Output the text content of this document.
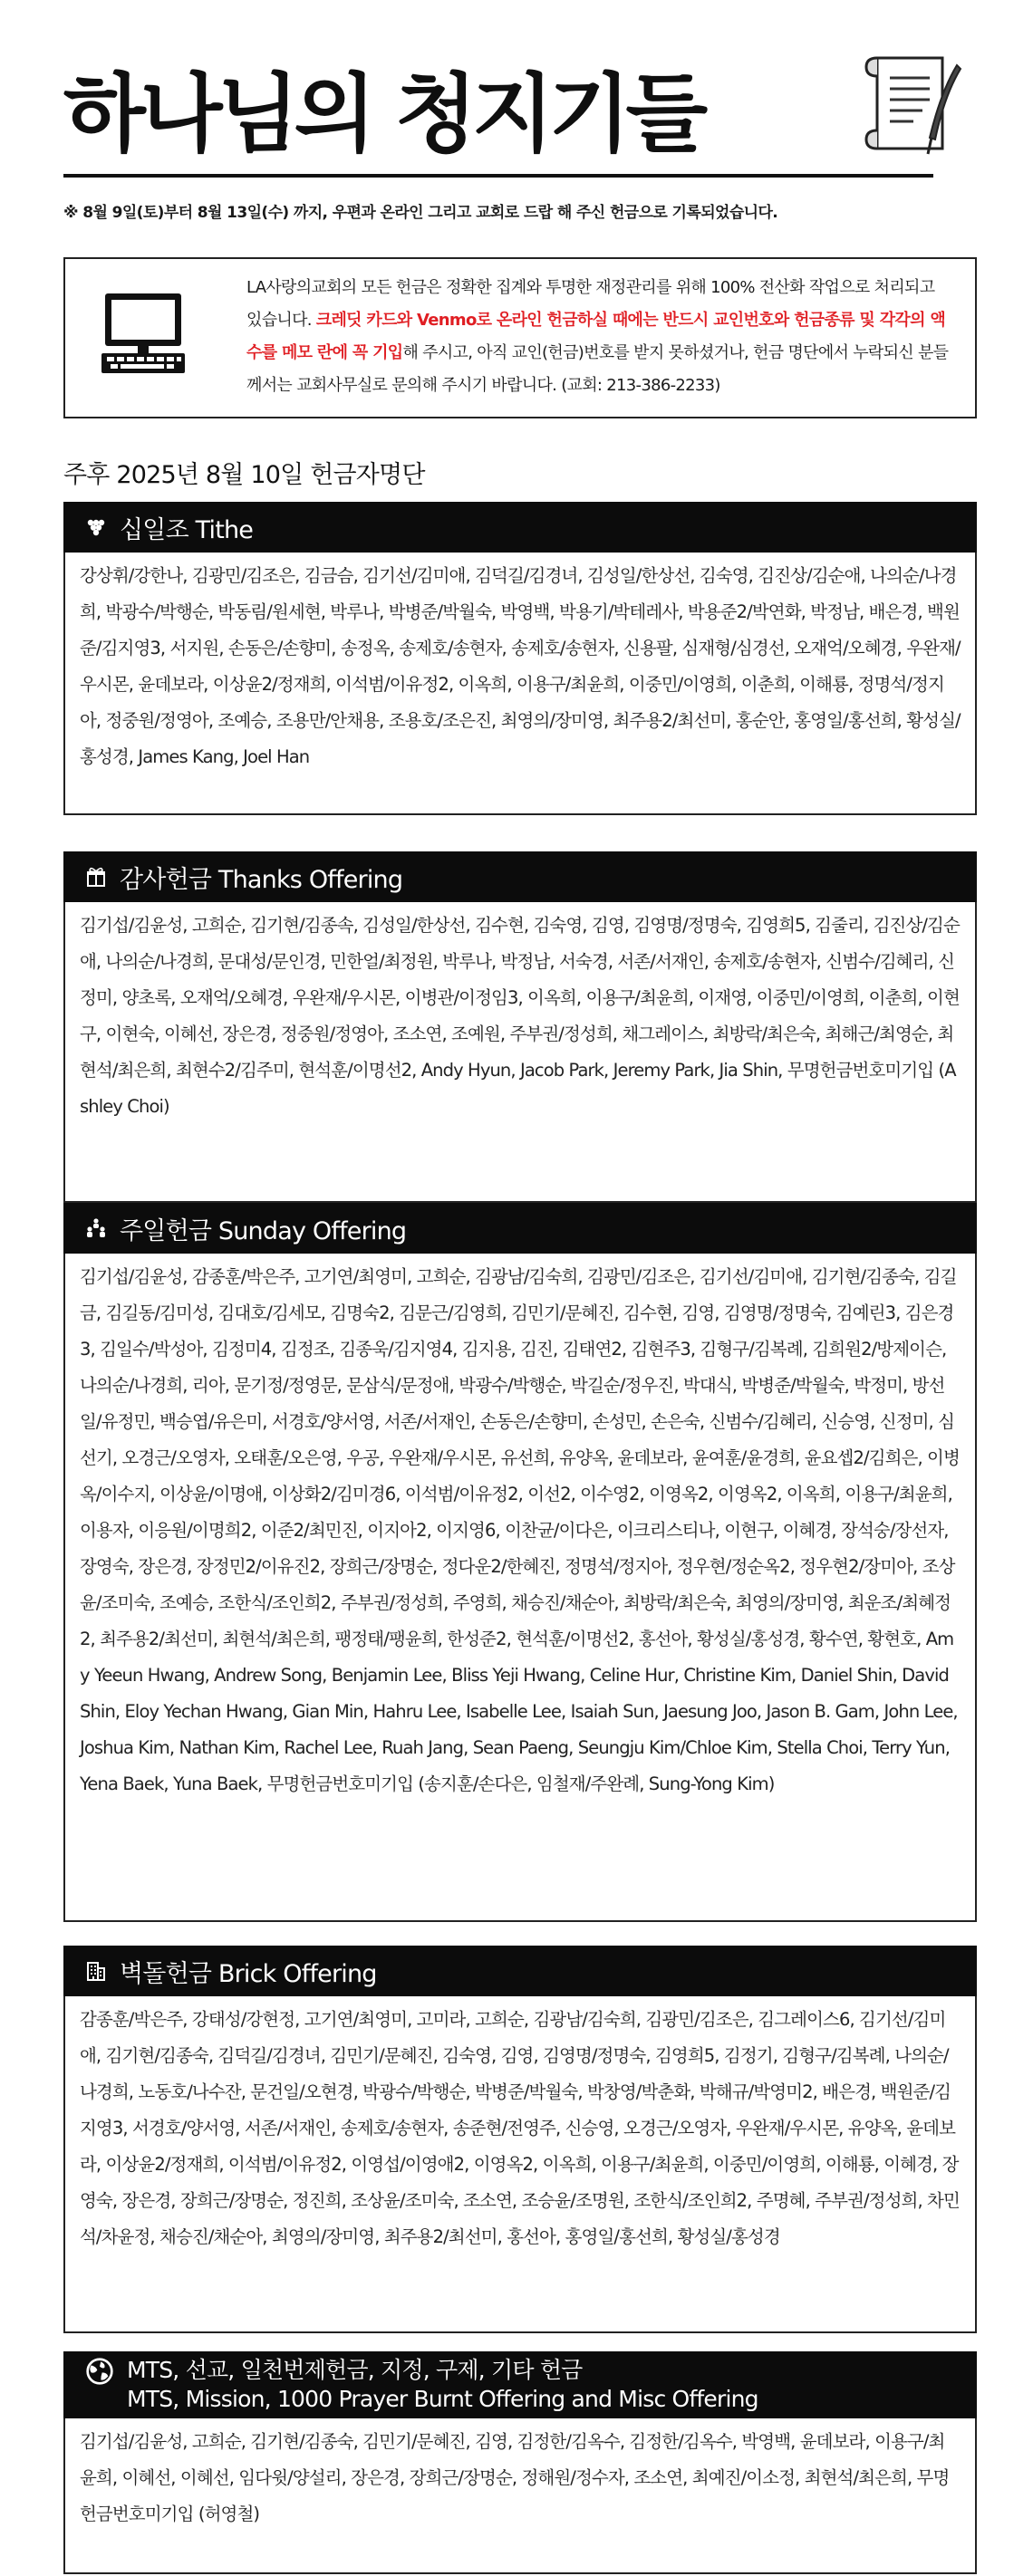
하나님의 청지기들
※ 8월 9일(토)부터 8월 13일(수) 까지, 우편과 온라인 그리고 교회로 드랍 해 주신 헌금으로 기록되었습니다.
LA사랑의교회의 모든 헌금은 정확한 집계와 투명한 재정관리를 위해 100% 전산화 작업으로 처리되고 있습니다. 크레딧 카드와 Venmo로 온라인 헌금하실 때에는 반드시 교인번호와 헌금종류 및 각각의 액수를 메모 란에 꼭 기입해 주시고, 아직 교인(헌금)번호를 받지 못하셨거나, 헌금 명단에서 누락되신 분들께서는 교회사무실로 문의해 주시기 바랍니다. (교회: 213-386-2233)
주후 2025년 8월 10일 헌금자명단
십일조 Tithe
강상휘/강한나, 김광민/김조은, 김금슴, 김기선/김미애, 김덕길/김경녀, 김성일/한상선, 김숙영, 김진상/김순애, 나의순/나경희, 박광수/박행순, 박동림/원세현, 박루나, 박병준/박월숙, 박영백, 박용기/박테레사, 박용준2/박연화, 박정남, 배은경, 백원준/김지영3, 서지원, 손동은/손향미, 송정옥, 송제호/송현자, 송제호/송현자, 신용팔, 심재형/심경선, 오재억/오혜경, 우완재/우시몬, 윤데보라, 이상윤2/정재희, 이석범/이유정2, 이옥희, 이용구/최윤희, 이중민/이영희, 이춘희, 이해룡, 정명석/정지아, 정중원/정영아, 조예승, 조용만/안채용, 조용호/조은진, 최영의/장미영, 최주용2/최선미, 홍순안, 홍영일/홍선희, 황성실/홍성경, James Kang, Joel Han
감사헌금 Thanks Offering
김기섭/김윤성, 고희순, 김기현/김종속, 김성일/한상선, 김수현, 김숙영, 김영, 김영명/정명숙, 김영희5, 김줄리, 김진상/김순애, 나의순/나경희, 문대성/문인경, 민한얼/최정원, 박루나, 박정남, 서숙경, 서존/서재인, 송제호/송현자, 신범수/김혜리, 신정미, 양초록, 오재억/오혜경, 우완재/우시몬, 이병관/이정임3, 이옥희, 이용구/최윤희, 이재영, 이중민/이영희, 이춘희, 이현구, 이현숙, 이혜선, 장은경, 정중원/정영아, 조소연, 조예원, 주부권/정성희, 채그레이스, 최방락/최은숙, 최해근/최영순, 최현석/최은희, 최현수2/김주미, 현석훈/이명선2, Andy Hyun, Jacob Park, Jeremy Park, Jia Shin, 무명헌금번호미기입 (Ashley Choi)
주일헌금 Sunday Offering
김기섭/김윤성, 감종훈/박은주, 고기연/최영미, 고희순, 김광남/김숙희, 김광민/김조은, 김기선/김미애, 김기현/김종숙, 김길금, 김길동/김미성, 김대호/김세모, 김명숙2, 김문근/김영희, 김민기/문혜진, 김수현, 김영, 김영명/정명숙, 김예린3, 김은경3, 김일수/박성아, 김정미4, 김정조, 김종욱/김지영4, 김지용, 김진, 김태연2, 김현주3, 김형구/김복례, 김희원2/방제이슨, 나의순/나경희, 리아, 문기정/정영문, 문삼식/문정애, 박광수/박행순, 박길순/정우진, 박대식, 박병준/박월숙, 박정미, 방선일/유정민, 백승엽/유은미, 서경호/양서영, 서존/서재인, 손동은/손향미, 손성민, 손은숙, 신범수/김혜리, 신승영, 신정미, 심선기, 오경근/오영자, 오태훈/오은영, 우공, 우완재/우시몬, 유선희, 유양옥, 윤데보라, 윤여훈/윤경희, 윤요셉2/김희은, 이병옥/이수지, 이상윤/이명애, 이상화2/김미경6, 이석범/이유정2, 이선2, 이수영2, 이영옥2, 이영옥2, 이옥희, 이용구/최윤희, 이용자, 이응원/이명희2, 이준2/최민진, 이지아2, 이지영6, 이찬균/이다은, 이크리스티나, 이현구, 이혜경, 장석숭/장선자, 장영숙, 장은경, 장정민2/이유진2, 장희근/장명순, 정다운2/한혜진, 정명석/정지아, 정우현/정순옥2, 정우현2/장미아, 조상윤/조미숙, 조예승, 조한식/조인희2, 주부권/정성희, 주영희, 채승진/채순아, 최방락/최은숙, 최영의/장미영, 최운조/최혜정2, 최주용2/최선미, 최현석/최은희, 팽정태/팽윤희, 한성준2, 현석훈/이명선2, 홍선아, 황성실/홍성경, 황수연, 황현호, Amy Yeeun Hwang, Andrew Song, Benjamin Lee, Bliss Yeji Hwang, Celine Hur, Christine Kim, Daniel Shin, David Shin, Eloy Yechan Hwang, Gian Min, Hahru Lee, Isabelle Lee, Isaiah Sun, Jaesung Joo, Jason B. Gam, John Lee, Joshua Kim, Nathan Kim, Rachel Lee, Ruah Jang, Sean Paeng, Seungju Kim/Chloe Kim, Stella Choi, Terry Yun, Yena Baek, Yuna Baek, 무명헌금번호미기입 (송지훈/손다은, 임철재/주완례, Sung-Yong Kim)
벽돌헌금 Brick Offering
감종훈/박은주, 강태성/강현정, 고기연/최영미, 고미라, 고희순, 김광남/김숙희, 김광민/김조은, 김그레이스6, 김기선/김미애, 김기현/김종숙, 김덕길/김경녀, 김민기/문혜진, 김숙영, 김영, 김영명/정명숙, 김영희5, 김정기, 김형구/김복례, 나의순/나경희, 노동호/나수잔, 문건일/오현경, 박광수/박행순, 박병준/박월숙, 박창영/박춘화, 박해규/박영미2, 배은경, 백원준/김지영3, 서경호/양서영, 서존/서재인, 송제호/송현자, 송준현/전영주, 신승영, 오경근/오영자, 우완재/우시몬, 유양옥, 윤데보라, 이상윤2/정재희, 이석범/이유정2, 이영섭/이영애2, 이영옥2, 이옥희, 이용구/최윤희, 이중민/이영희, 이해룡, 이혜경, 장영숙, 장은경, 장희근/장명순, 정진희, 조상윤/조미숙, 조소연, 조승윤/조명원, 조한식/조인희2, 주명혜, 주부권/정성희, 차민석/차윤정, 채승진/채순아, 최영의/장미영, 최주용2/최선미, 홍선아, 홍영일/홍선희, 황성실/홍성경
MTS, 선교, 일천번제헌금, 지정, 구제, 기타 헌금
MTS, Mission, 1000 Prayer Burnt Offering and Misc Offering
김기섭/김윤성, 고희순, 김기현/김종숙, 김민기/문혜진, 김영, 김정한/김옥수, 김정한/김옥수, 박영백, 윤데보라, 이용구/최윤희, 이혜선, 이혜선, 임다윗/양설리, 장은경, 장희근/장명순, 정해원/정수자, 조소연, 최예진/이소정, 최현석/최은희, 무명헌금번호미기입 (허영철)
